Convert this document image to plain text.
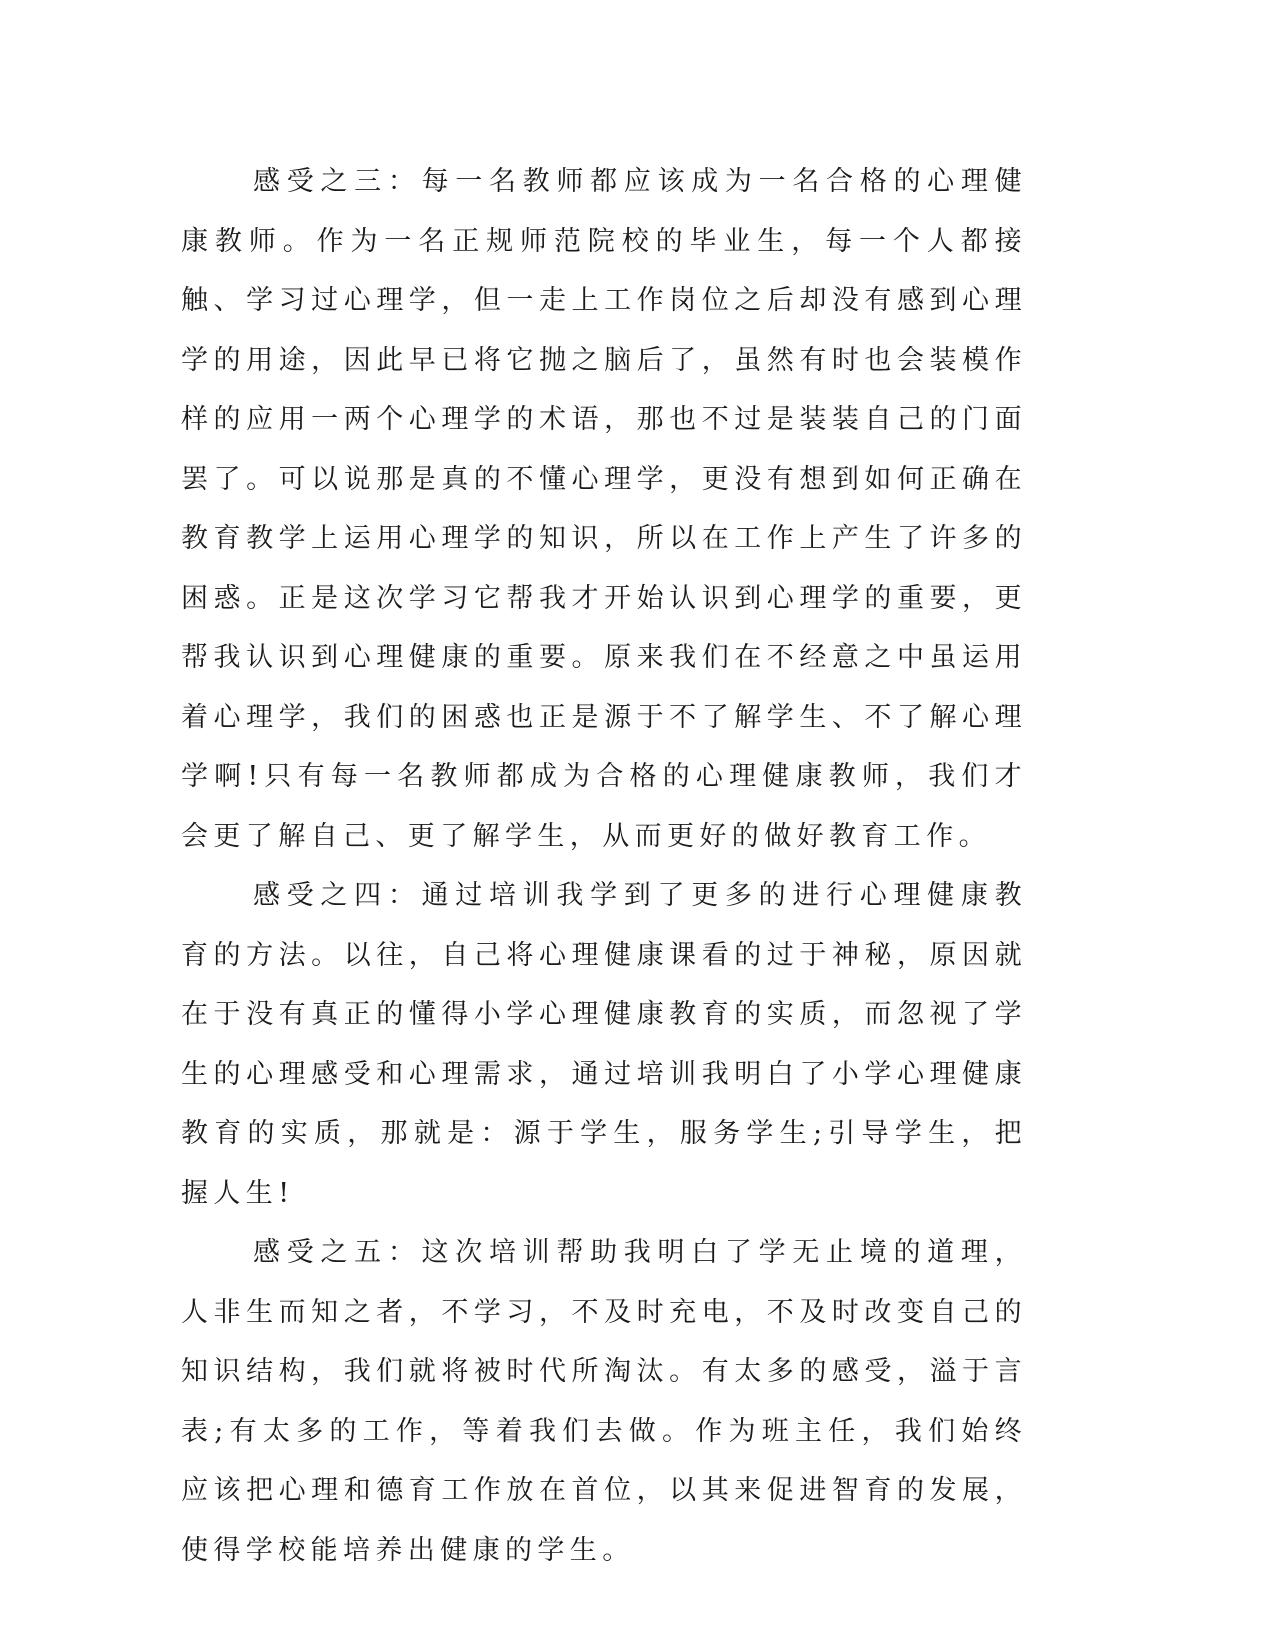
感受之三：每一名教师都应该成为一名合格的心理健康教师。作为一名正规师范院校的毕业生，每一个人都接触、学习过心理学，但一走上工作岗位之后却没有感到心理学的用途，因此早已将它抛之脑后了，虽然有时也会装模作样的应用一两个心理学的术语，那也不过是装装自己的门面罢了。可以说那是真的不懂心理学，更没有想到如何正确在教育教学上运用心理学的知识，所以在工作上产生了许多的困惑。正是这次学习它帮我才开始认识到心理学的重要，更帮我认识到心理健康的重要。原来我们在不经意之中虽运用着心理学，我们的困惑也正是源于不了解学生、不了解心理学啊!只有每一名教师都成为合格的心理健康教师，我们才会更了解自己、更了解学生，从而更好的做好教育工作。

感受之四：通过培训我学到了更多的进行心理健康教育的方法。以往，自己将心理健康课看的过于神秘，原因就在于没有真正的懂得小学心理健康教育的实质，而忽视了学生的心理感受和心理需求，通过培训我明白了小学心理健康教育的实质，那就是：源于学生，服务学生;引导学生，把握人生!

感受之五：这次培训帮助我明白了学无止境的道理，人非生而知之者，不学习，不及时充电，不及时改变自己的知识结构，我们就将被时代所淘汰。有太多的感受，溢于言表;有太多的工作，等着我们去做。作为班主任，我们始终应该把心理和德育工作放在首位，以其来促进智育的发展，使得学校能培养出健康的学生。
